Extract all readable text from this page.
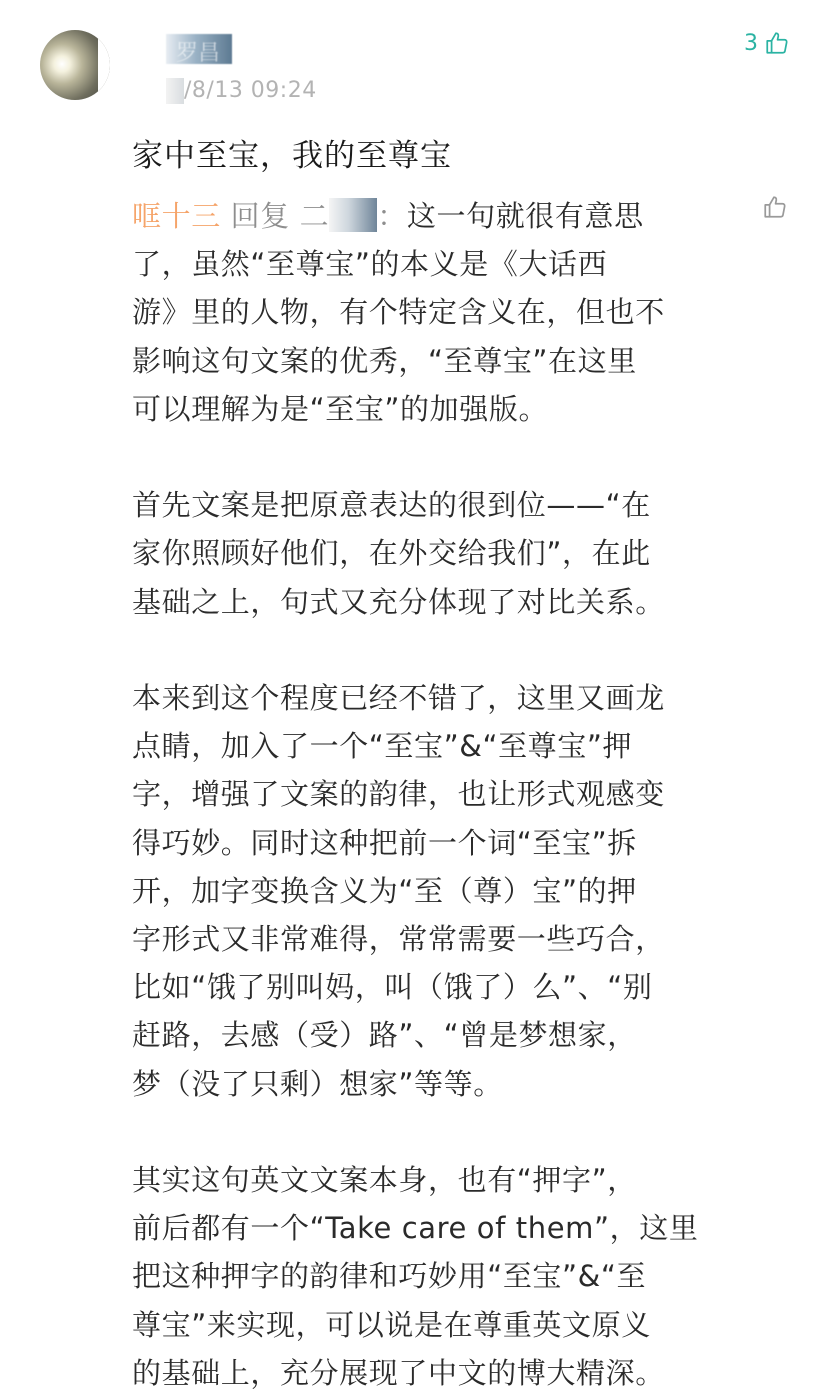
罗昌
/8/13 09:24
3
家中至宝，我的至尊宝

哐十三 回复 二 ：这一句就很有意思

了，虽然“至尊宝”的本义是《大话西

游》里的人物，有个特定含义在，但也不

影响这句文案的优秀，“至尊宝”在这里

可以理解为是“至宝”的加强版。

首先文案是把原意表达的很到位——“在

家你照顾好他们，在外交给我们”，在此

基础之上，句式又充分体现了对比关系。

本来到这个程度已经不错了，这里又画龙

点睛，加入了一个“至宝”&“至尊宝”押

字，增强了文案的韵律，也让形式观感变

得巧妙。同时这种把前一个词“至宝”拆

开，加字变换含义为“至（尊）宝”的押

字形式又非常难得，常常需要一些巧合，

比如“饿了别叫妈，叫（饿了）么”、“别

赶路，去感（受）路”、“曾是梦想家，

梦（没了只剩）想家”等等。

其实这句英文文案本身，也有“押字”，

前后都有一个“Take care of them”，这里

把这种押字的韵律和巧妙用“至宝”&“至

尊宝”来实现，可以说是在尊重英文原义

的基础上，充分展现了中文的博大精深。
